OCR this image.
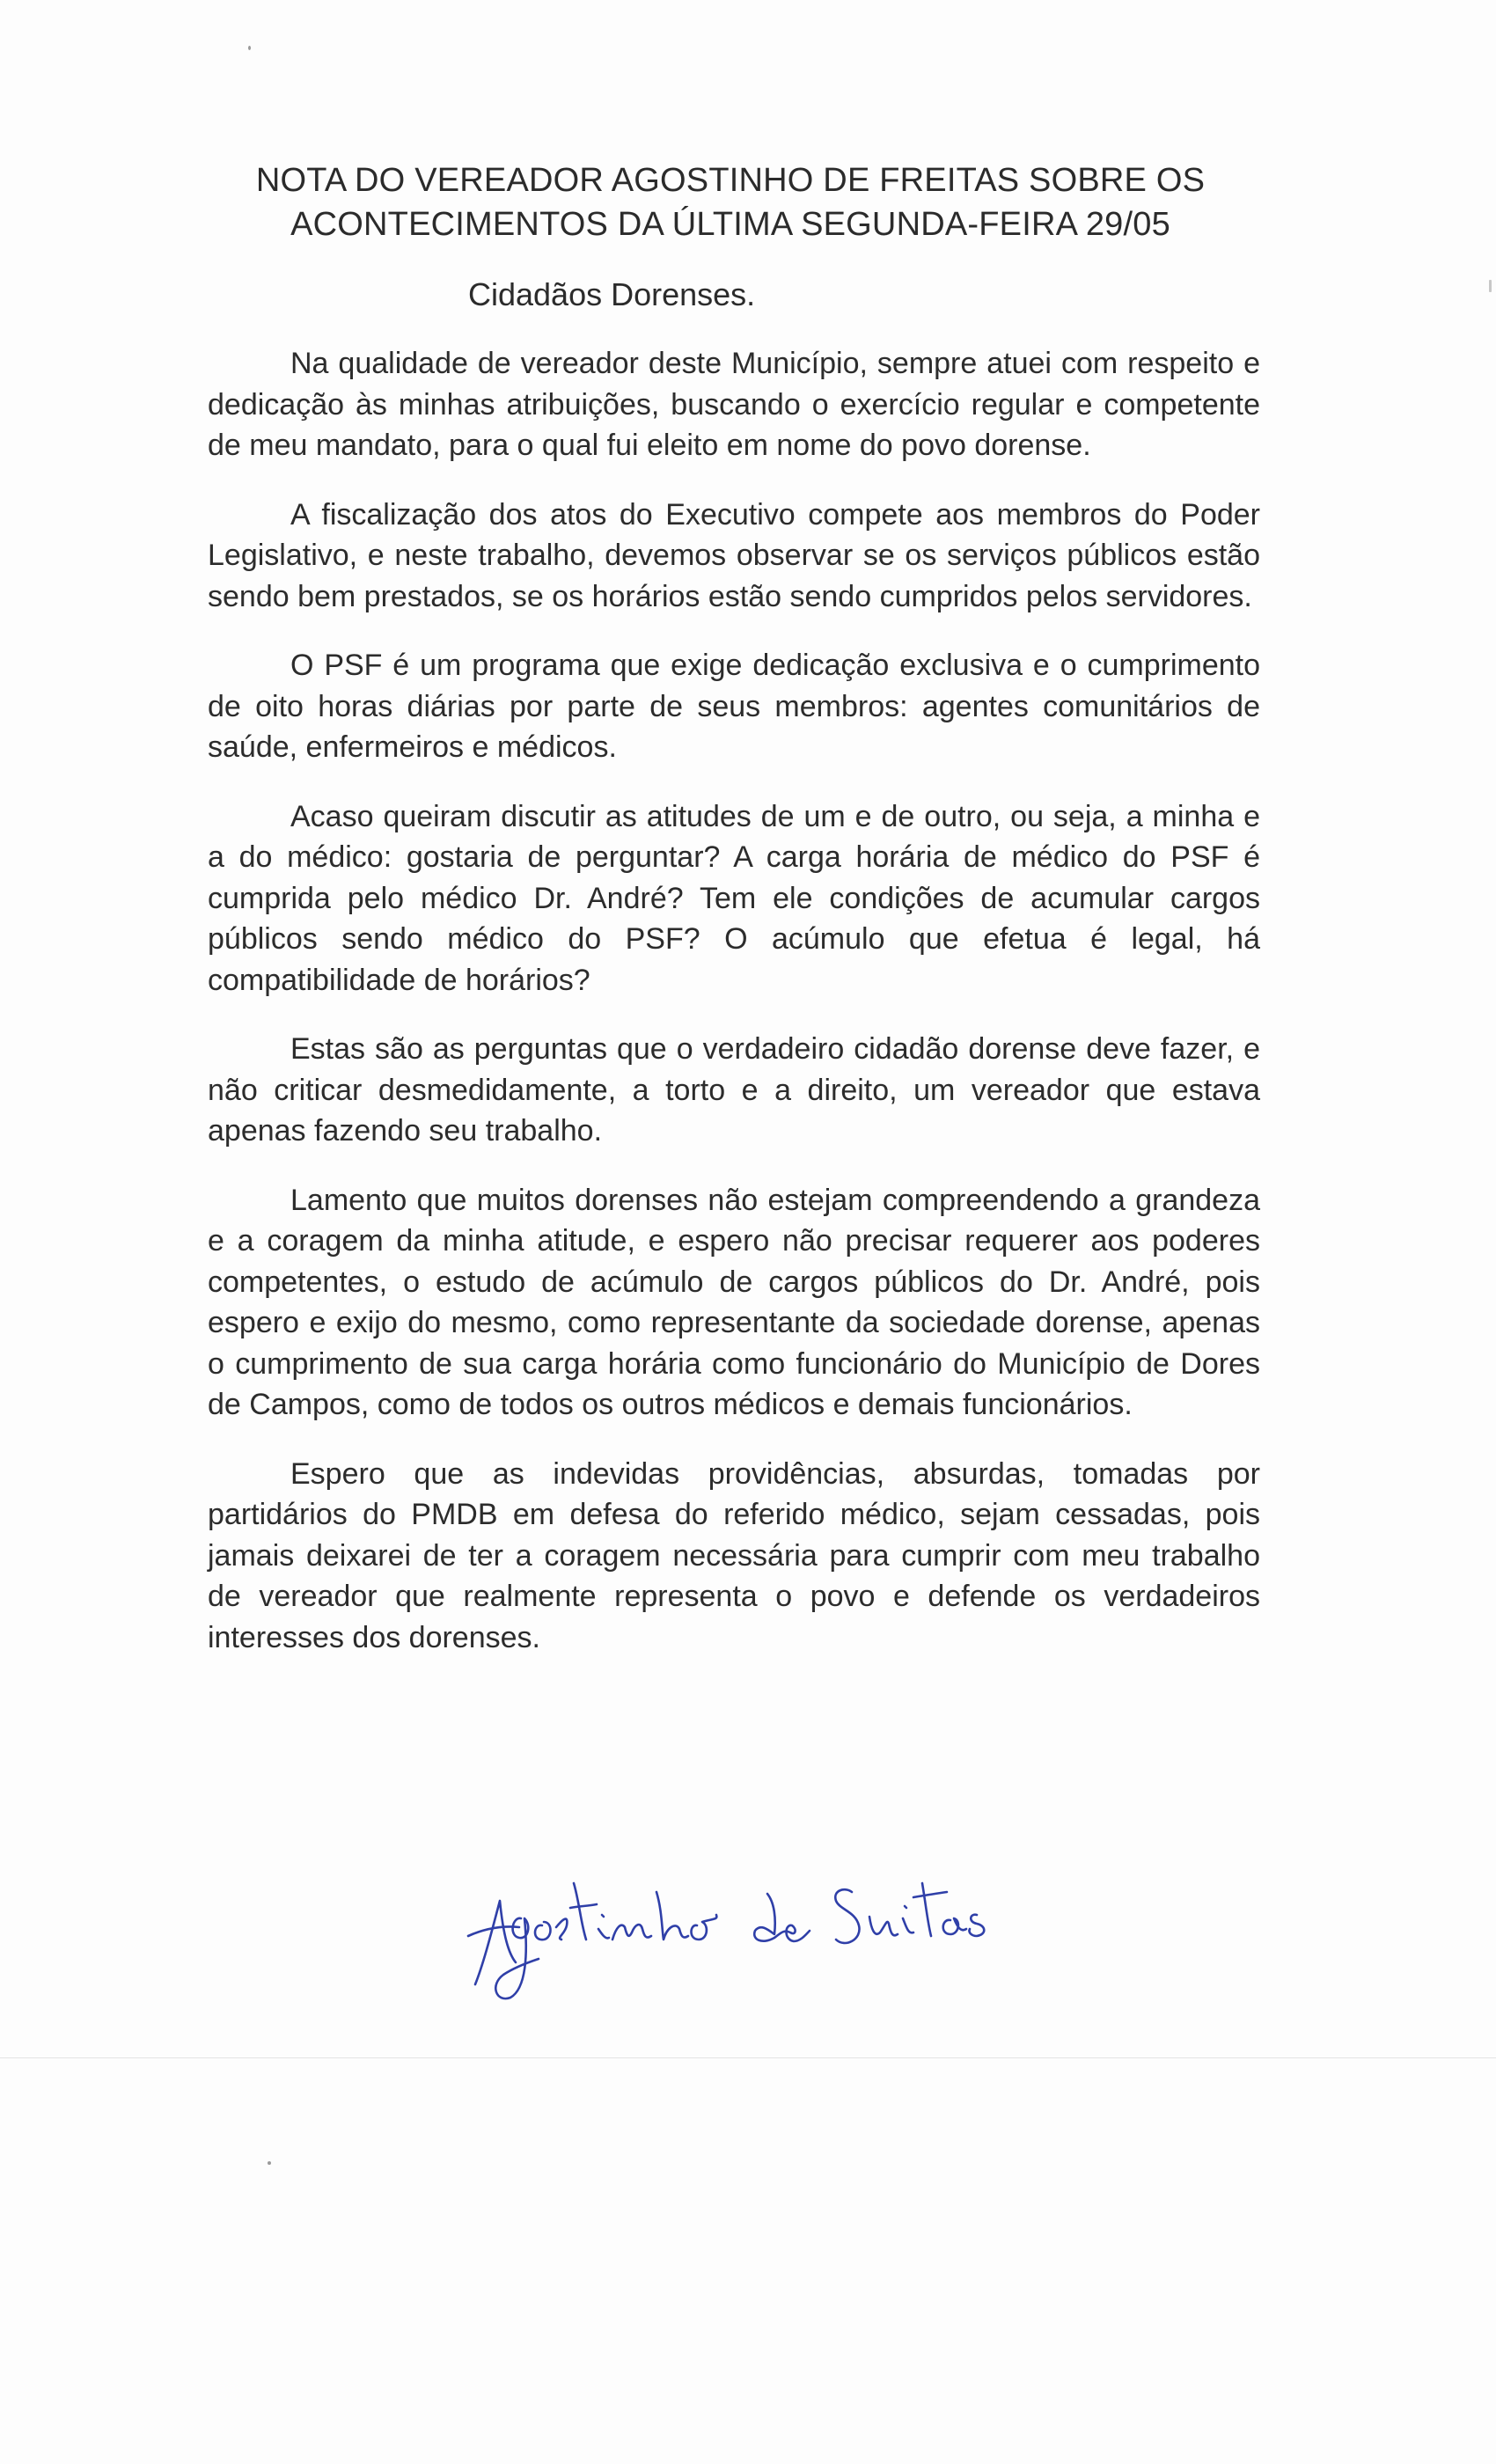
NOTA DO VEREADOR AGOSTINHO DE FREITAS SOBRE OS
ACONTECIMENTOS DA ÚLTIMA SEGUNDA-FEIRA 29/05
Cidadãos Dorenses.

Na qualidade de vereador deste Município, sempre atuei com respeito e dedicação às minhas atribuições, buscando o exercício regular e competente de meu mandato, para o qual fui eleito em nome do povo dorense.

A fiscalização dos atos do Executivo compete aos membros do Poder Legislativo, e neste trabalho, devemos observar se os serviços públicos estão sendo bem prestados, se os horários estão sendo cumpridos pelos servidores.

O PSF é um programa que exige dedicação exclusiva e o cumprimento de oito horas diárias por parte de seus membros: agentes comunitários de saúde, enfermeiros e médicos.

Acaso queiram discutir as atitudes de um e de outro, ou seja, a minha e a do médico: gostaria de perguntar? A carga horária de médico do PSF é cumprida pelo médico Dr. André? Tem ele condições de acumular cargos públicos sendo médico do PSF? O acúmulo que efetua é legal, há compatibilidade de horários?

Estas são as perguntas que o verdadeiro cidadão dorense deve fazer, e não criticar desmedidamente, a torto e a direito, um vereador que estava apenas fazendo seu trabalho.

Lamento que muitos dorenses não estejam compreendendo a grandeza e a coragem da minha atitude, e espero não precisar requerer aos poderes competentes, o estudo de acúmulo de cargos públicos do Dr. André, pois espero e exijo do mesmo, como representante da sociedade dorense, apenas o cumprimento de sua carga horária como funcionário do Município de Dores de Campos, como de todos os outros médicos e demais funcionários.

Espero que as indevidas providências, absurdas, tomadas por partidários do PMDB em defesa do referido médico, sejam cessadas, pois jamais deixarei de ter a coragem necessária para cumprir com meu trabalho de vereador que realmente representa o povo e defende os verdadeiros interesses dos dorenses.
